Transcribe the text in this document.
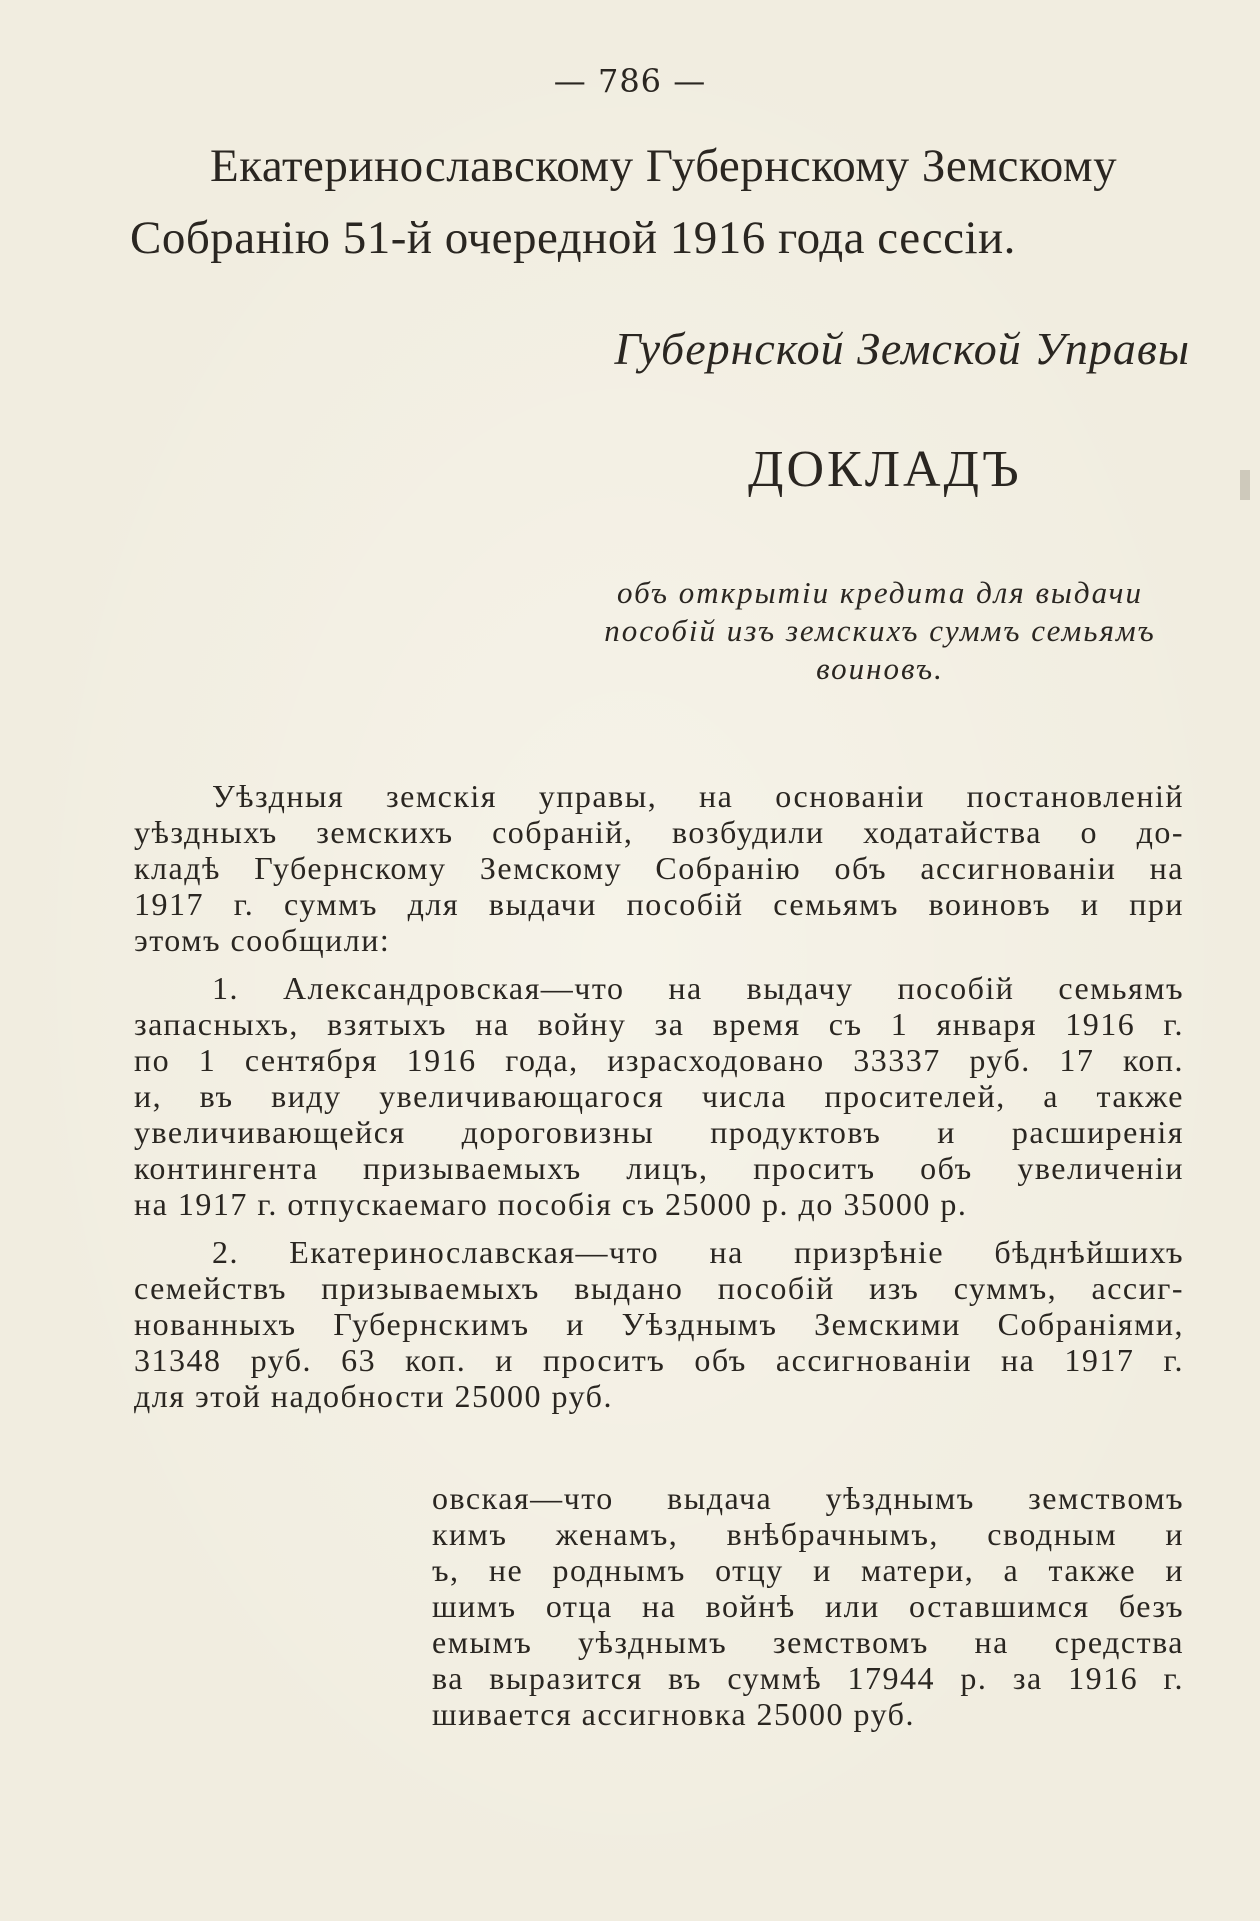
— 786 —
Екатеринославскому Губернскому Земскому
Собранію 51-й очередной 1916 года сессіи.
Губернской Земской Управы
ДОКЛАДЪ
объ открытіи кредита для выдачи
пособій изъ земскихъ суммъ семьямъ
воиновъ.

Уѣздныя земскія управы, на основаніи постановленій
уѣздныхъ земскихъ собраній, возбудили ходатайства о до-
кладѣ Губернскому Земскому Собранію объ ассигнованіи на
1917 г. суммъ для выдачи пособій семьямъ воиновъ и при
этомъ сообщили:

1. Александровская—что на выдачу пособій семьямъ
запасныхъ, взятыхъ на войну за время съ 1 января 1916 г.
по 1 сентября 1916 года, израсходовано 33337 руб. 17 коп.
и, въ виду увеличивающагося числа просителей, а также
увеличивающейся дороговизны продуктовъ и расширенія
контингента призываемыхъ лицъ, проситъ объ увеличеніи
на 1917 г. отпускаемаго пособія съ 25000 р. до 35000 р.

2. Екатеринославская—что на призрѣніе бѣднѣйшихъ
семействъ призываемыхъ выдано пособій изъ суммъ, ассиг-
нованныхъ Губернскимъ и Уѣзднымъ Земскими Собраніями,
31348 руб. 63 коп. и проситъ объ ассигнованіи на 1917 г.
для этой надобности 25000 руб.

овская—что выдача уѣзднымъ земствомъ
кимъ женамъ, внѣбрачнымъ, сводным и
ъ, не роднымъ отцу и матери, а также и
шимъ отца на войнѣ или оставшимся безъ
емымъ уѣзднымъ земствомъ на средства
ва выразится въ суммѣ 17944 р. за 1916 г.
шивается ассигновка 25000 руб.
